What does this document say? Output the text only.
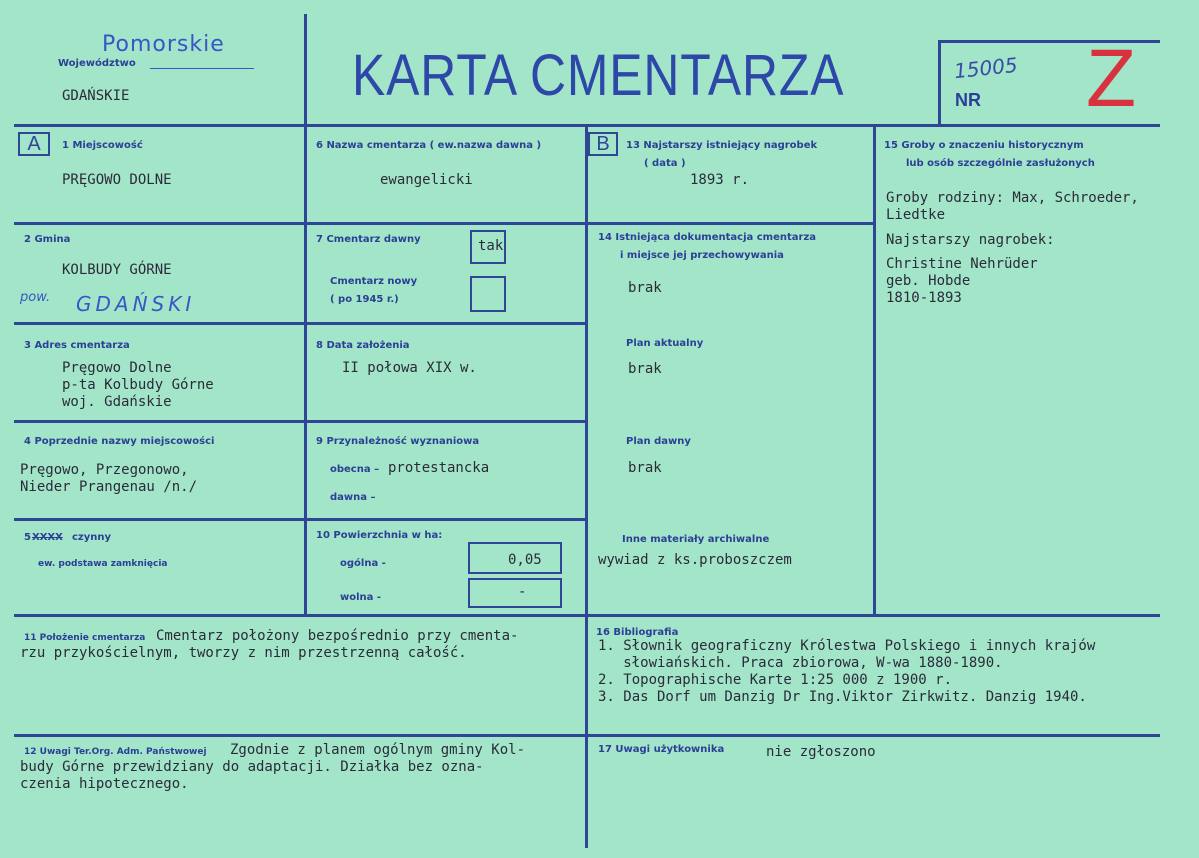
Pomorskie
Województwo
GDAŃSKIE	KARTA CMENTARZA	15005
NR Z
A	B
1 Miejscowość
PRĘGOWO DOLNE
2 Gmina
KOLBUDY GÓRNE
pow. GDAŃSKI
3 Adres cmentarza
Pręgowo Dolne
p-ta Kolbudy Górne
woj. Gdańskie
4 Poprzednie nazwy miejscowości
Pręgowo, Przegonowo,
Nieder Prangenau /n./
5 XXXX czynny
ew. podstawa zamknięcia
6 Nazwa cmentarza ( ew.nazwa dawna )
ewangelicki
7 Cmentarz dawny	tak
Cmentarz nowy
( po 1945 r.)
8 Data założenia
II połowa XIX w.
9 Przynależność wyznaniowa
obecna – protestancka
dawna –
10 Powierzchnia w ha:
ogólna -	0,05
wolna -	-
13 Najstarszy istniejący nagrobek
( data )
1893 r.
14 Istniejąca dokumentacja cmentarza
i miejsce jej przechowywania
brak
Plan aktualny
brak
Plan dawny
brak
Inne materiały archiwalne
wywiad z ks.proboszczem
15 Groby o znaczeniu historycznym
lub osób szczególnie zasłużonych
Groby rodziny: Max, Schroeder,
Liedtke
Najstarszy nagrobek:
Christine Nehrüder
geb. Hobde
1810-1893
11 Położenie cmentarza Cmentarz położony bezpośrednio przy cmenta-
rzu przykościelnym, tworzy z nim przestrzenną całość.
16 Bibliografia
1. Słownik geograficzny Królestwa Polskiego i innych krajów
słowiańskich. Praca zbiorowa, W-wa 1880-1890.
2. Topographische Karte 1:25 000 z 1900 r.
3. Das Dorf um Danzig Dr Ing.Viktor Zirkwitz. Danzig 1940.
12 Uwagi Ter.Org. Adm. Państwowej	Zgodnie z planem ogólnym gminy Kol-
budy Górne przewidziany do adaptacji. Działka bez ozna-
czenia hipotecznego.
17 Uwagi użytkownika	nie zgłoszono
